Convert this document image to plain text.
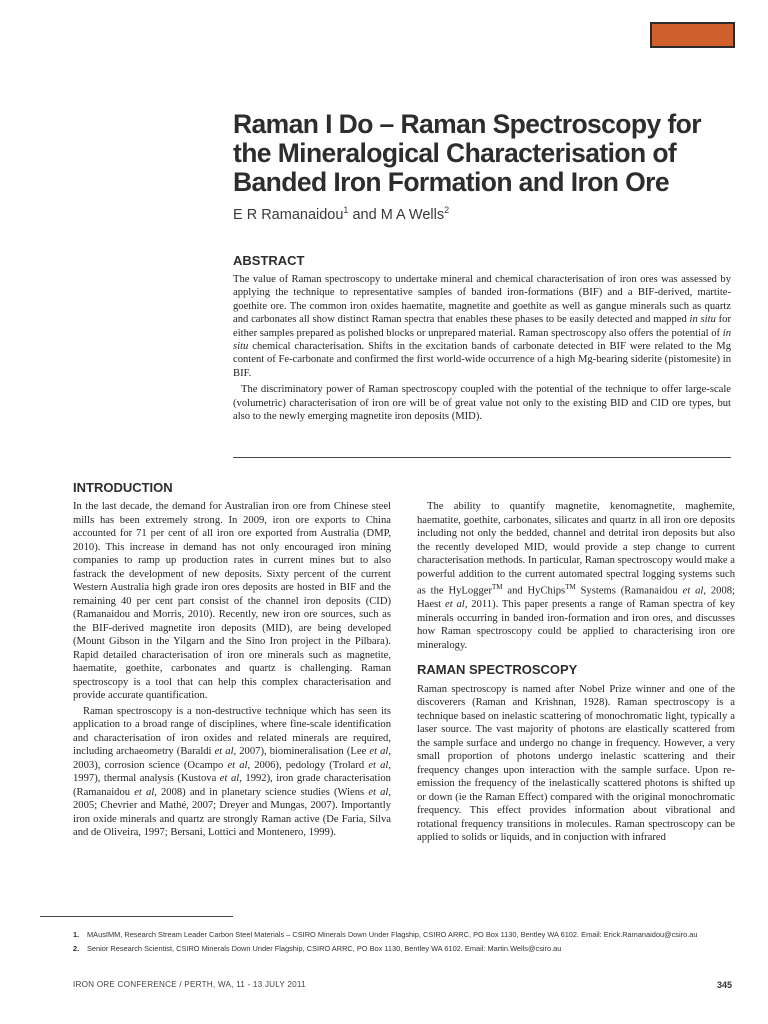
Raman I Do – Raman Spectroscopy for the Mineralogical Characterisation of Banded Iron Formation and Iron Ore
E R Ramanaidou$^1$ and M A Wells$^2$
ABSTRACT

The value of Raman spectroscopy to undertake mineral and chemical characterisation of iron ores was assessed by applying the technique to representative samples of banded iron-formations (BIF) and a BIF-derived, martite-goethite ore. The common iron oxides haematite, magnetite and goethite as well as gangue minerals such as quartz and carbonates all show distinct Raman spectra that enables these phases to be easily detected and mapped in situ for either samples prepared as polished blocks or unprepared material. Raman spectroscopy also offers the potential of in situ chemical characterisation. Shifts in the excitation bands of carbonate detected in BIF were related to the Mg content of Fe-carbonate and confirmed the first world-wide occurrence of a high Mg-bearing siderite (pistomesite) in BIF.

The discriminatory power of Raman spectroscopy coupled with the potential of the technique to offer large-scale (volumetric) characterisation of iron ore will be of great value not only to the existing BID and CID ore types, but also to the newly emerging magnetite iron deposits (MID).

INTRODUCTION

In the last decade, the demand for Australian iron ore from Chinese steel mills has been extremely strong. In 2009, iron ore exports to China accounted for 71 per cent of all iron ore exported from Australia (DMP, 2010). This increase in demand has not only encouraged iron mining companies to ramp up production rates in current mines but to also fastrack the development of new deposits. Sixty percent of the current Western Australia high grade iron ores deposits are hosted in BIF and the remaining 40 per cent part consist of the channel iron deposits (CID) (Ramanaidou and Morris, 2010). Recently, new iron ore sources, such as the BIF-derived magnetite iron deposits (MID), are being developed (Mount Gibson in the Yilgarn and the Sino Iron project in the Pilbara). Rapid detailed characterisation of iron ore minerals such as magnetite, haematite, goethite, carbonates and quartz is challenging. Raman spectroscopy is a tool that can help this complex characterisation and provide accurate quantification.

Raman spectroscopy is a non-destructive technique which has seen its application to a broad range of disciplines, where fine-scale identification and characterisation of iron oxides and related minerals are required, including archaeometry (Baraldi et al, 2007), biomineralisation (Lee et al, 2003), corrosion science (Ocampo et al, 2006), pedology (Trolard et al, 1997), thermal analysis (Kustova et al, 1992), iron grade characterisation (Ramanaidou et al, 2008) and in planetary science studies (Wiens et al, 2005; Chevrier and Mathé, 2007; Dreyer and Mungas, 2007). Importantly iron oxide minerals and quartz are strongly Raman active (De Faria, Silva and de Oliveira, 1997; Bersani, Lottici and Montenero, 1999).

The ability to quantify magnetite, kenomagnetite, maghemite, haematite, goethite, carbonates, silicates and quartz in all iron ore deposits including not only the bedded, channel and detrital iron deposits but also the recently developed MID, would provide a step change to current characterisation methods. In particular, Raman spectroscopy would make a powerful addition to the current automated spectral logging systems such as the HyLogger™ and HyChips™ Systems (Ramanaidou et al, 2008; Haest et al, 2011). This paper presents a range of Raman spectra of key minerals occurring in banded iron-formation and iron ores, and discusses how Raman spectroscopy could be applied to characterising iron ore mineralogy.

RAMAN SPECTROSCOPY

Raman spectroscopy is named after Nobel Prize winner and one of the discoverers (Raman and Krishnan, 1928). Raman spectroscopy is a technique based on inelastic scattering of monochromatic light, typically a laser source. The vast majority of photons are elastically scattered from the sample surface and undergo no change in frequency. However, a very small proportion of photons undergo inelastic scattering and their frequency changes upon interaction with the sample surface. Upon re-emission the frequency of the inelastically scattered photons is shifted up or down (ie the Raman Effect) compared with the original monochromatic frequency. This effect provides information about vibrational and rotational frequency transitions in molecules. Raman spectroscopy can be applied to solids or liquids, and in conjuction with infrared

1.	MAusIMM, Research Stream Leader Carbon Steel Materials – CSIRO Minerals Down Under Flagship, CSIRO ARRC, PO Box 1130, Bentley WA 6102. Email: Erick.Ramanaidou@csiro.au
2.	Senior Research Scientist, CSIRO Minerals Down Under Flagship, CSIRO ARRC, PO Box 1130, Bentley WA 6102. Email: Martin.Wells@csiro.au
IRON ORE CONFERENCE / PERTH, WA, 11 - 13 JULY 2011	345
